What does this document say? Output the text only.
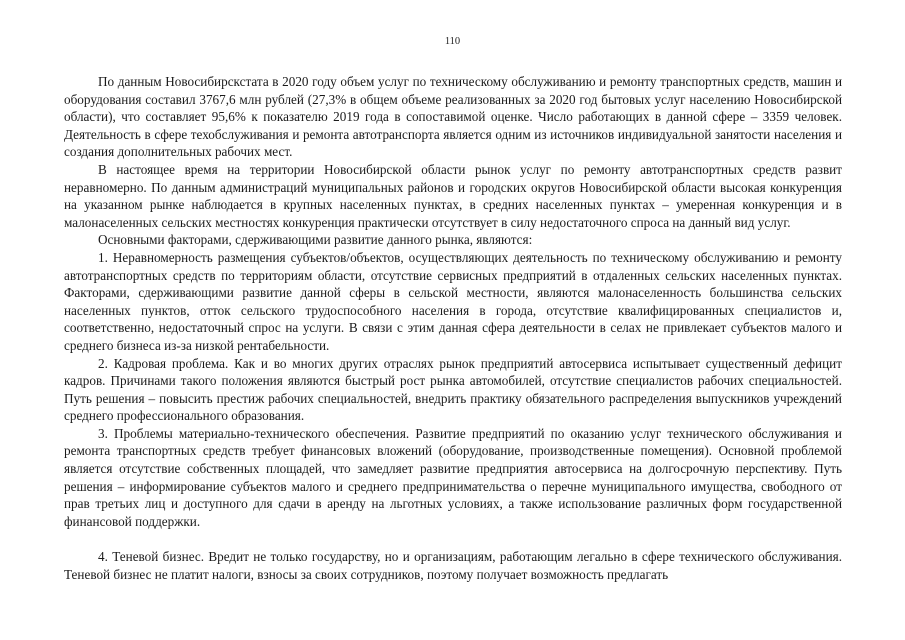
110

По данным Новосибирскстата в 2020 году объем услуг по техническому обслуживанию и ремонту транспортных средств, машин и оборудования составил 3767,6 млн рублей (27,3% в общем объеме реализованных за 2020 год бытовых услуг населению Новосибирской области), что составляет 95,6% к показателю 2019 года в сопоставимой оценке. Число работающих в данной сфере – 3359 человек. Деятельность в сфере техобслуживания и ремонта автотранспорта является одним из источников индивидуальной занятости населения и создания дополнительных рабочих мест.

В настоящее время на территории Новосибирской области рынок услуг по ремонту автотранспортных средств развит неравномерно. По данным администраций муниципальных районов и городских округов Новосибирской области высокая конкуренция на указанном рынке наблюдается в крупных населенных пунктах, в средних населенных пунктах – умеренная конкуренция и в малонаселенных сельских местностях конкуренция практически отсутствует в силу недостаточного спроса на данный вид услуг.

Основными факторами, сдерживающими развитие данного рынка, являются:

1. Неравномерность размещения субъектов/объектов, осуществляющих деятельность по техническому обслуживанию и ремонту автотранспортных средств по территориям области, отсутствие сервисных предприятий в отдаленных сельских населенных пунктах. Факторами, сдерживающими развитие данной сферы в сельской местности, являются малонаселенность большинства сельских населенных пунктов, отток сельского трудоспособного населения в города, отсутствие квалифицированных специалистов и, соответственно, недостаточный спрос на услуги. В связи с этим данная сфера деятельности в селах не привлекает субъектов малого и среднего бизнеса из-за низкой рентабельности.

2. Кадровая проблема. Как и во многих других отраслях рынок предприятий автосервиса испытывает существенный дефицит кадров. Причинами такого положения являются быстрый рост рынка автомобилей, отсутствие специалистов рабочих специальностей. Путь решения – повысить престиж рабочих специальностей, внедрить практику обязательного распределения выпускников учреждений среднего профессионального образования.

3. Проблемы материально-технического обеспечения. Развитие предприятий по оказанию услуг технического обслуживания и ремонта транспортных средств требует финансовых вложений (оборудование, производственные помещения). Основной проблемой является отсутствие собственных площадей, что замедляет развитие предприятия автосервиса на долгосрочную перспективу. Путь решения – информирование субъектов малого и среднего предпринимательства о перечне муниципального имущества, свободного от прав третьих лиц и доступного для сдачи в аренду на льготных условиях, а также использование различных форм государственной финансовой поддержки.

4. Теневой бизнес. Вредит не только государству, но и организациям, работающим легально в сфере технического обслуживания. Теневой бизнес не платит налоги, взносы за своих сотрудников, поэтому получает возможность предлагать
